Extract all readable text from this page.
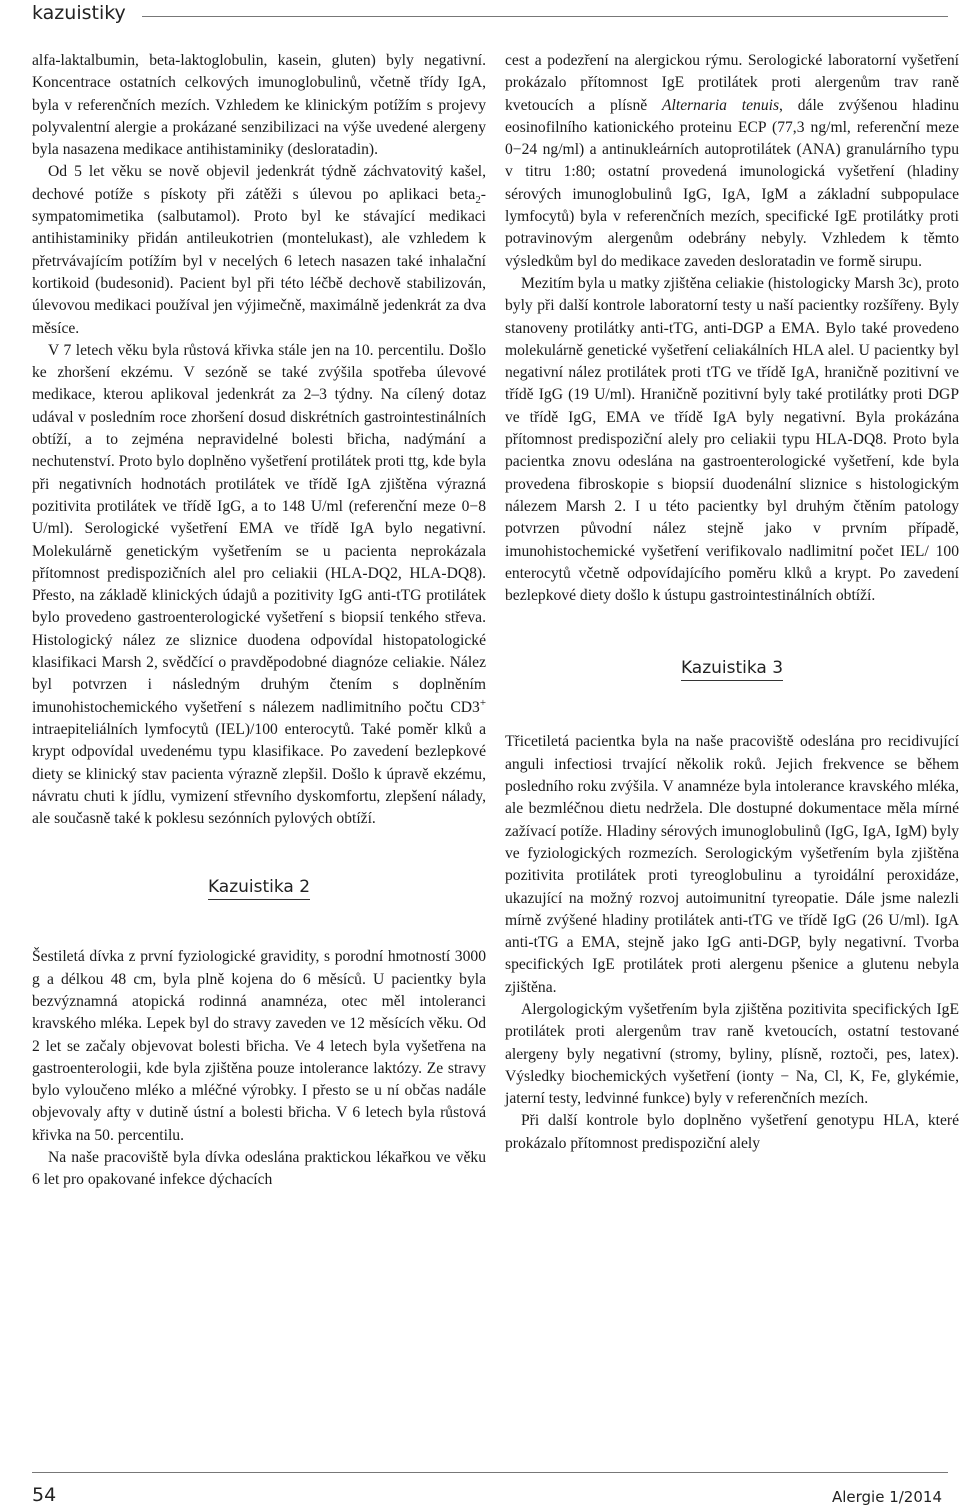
kazuistiky

alfa-laktalbumin, beta-laktoglobulin, kasein, gluten) byly negativní. Koncentrace ostatních celkových imunoglobulinů, včetně třídy IgA, byla v referenčních mezích. Vzhledem ke klinickým potížím s projevy polyvalentní alergie a prokázané senzibilizaci na výše uvedené alergeny byla nasazena medikace antihistaminiky (desloratadin).

Od 5 let věku se nově objevil jedenkrát týdně záchvatovitý kašel, dechové potíže s pískoty při zátěži s úlevou po aplikaci beta$_2$-sympatomimetika (salbutamol). Proto byl ke stávající medikaci antihistaminiky přidán antileukotrien (montelukast), ale vzhledem k přetrvávajícím potížím byl v necelých 6 letech nasazen také inhalační kortikoid (budesonid). Pacient byl při této léčbě dechově stabilizován, úlevovou medikaci používal jen výjimečně, maximálně jedenkrát za dva měsíce.

V 7 letech věku byla růstová křivka stále jen na 10. percentilu. Došlo ke zhoršení ekzému. V sezóně se také zvýšila spotřeba úlevové medikace, kterou aplikoval jedenkrát za 2–3 týdny. Na cílený dotaz udával v posledním roce zhoršení dosud diskrétních gastrointestinálních obtíží, a to zejména nepravidelné bolesti břicha, nadýmání a nechutenství. Proto bylo doplněno vyšetření protilátek proti ttg, kde byla při negativních hodnotách protilátek ve třídě IgA zjištěna výrazná pozitivita protilátek ve třídě IgG, a to 148 U/ml (referenční meze 0−8 U/ml). Serologické vyšetření EMA ve třídě IgA bylo negativní. Molekulárně genetickým vyšetřením se u pacienta neprokázala přítomnost predispozičních alel pro celiakii (HLA-DQ2, HLA-DQ8). Přesto, na základě klinických údajů a pozitivity IgG anti-tTG protilátek bylo provedeno gastroenterologické vyšetření s biopsií tenkého střeva. Histologický nález ze sliznice duodena odpovídal histopatologické klasifikaci Marsh 2, svědčící o pravděpodobné diagnóze celiakie. Nález byl potvrzen i následným druhým čtením s doplněním imunohistochemického vyšetření s nálezem nadlimitního počtu CD3+ intraepiteliálních lymfocytů (IEL)/100 enterocytů. Také poměr klků a krypt odpovídal uvedenému typu klasifikace. Po zavedení bezlepkové diety se klinický stav pacienta výrazně zlepšil. Došlo k úpravě ekzému, návratu chuti k jídlu, vymizení střevního dyskomfortu, zlepšení nálady, ale současně také k poklesu sezónních pylových obtíží.

Kazuistika 2

Šestiletá dívka z první fyziologické gravidity, s porodní hmotností 3000 g a délkou 48 cm, byla plně kojena do 6 měsíců. U pacientky byla bezvýznamná atopická rodinná anamnéza, otec měl intoleranci kravského mléka. Lepek byl do stravy zaveden ve 12 měsících věku. Od 2 let se začaly objevovat bolesti břicha. Ve 4 letech byla vyšetřena na gastroenterologii, kde byla zjištěna pouze intolerance laktózy. Ze stravy bylo vyloučeno mléko a mléčné výrobky. I přesto se u ní občas nadále objevovaly afty v dutině ústní a bolesti břicha. V 6 letech byla růstová křivka na 50. percentilu.

Na naše pracoviště byla dívka odeslána praktickou lékařkou ve věku 6 let pro opakované infekce dýchacích

cest a podezření na alergickou rýmu. Serologické laboratorní vyšetření prokázalo přítomnost IgE protilátek proti alergenům trav raně kvetoucích a plísně Alternaria tenuis, dále zvýšenou hladinu eosinofilního kationického proteinu ECP (77,3 ng/ml, referenční meze 0−24 ng/ml) a antinukleárních autoprotilátek (ANA) granulárního typu v titru 1:80; ostatní provedená imunologická vyšetření (hladiny sérových imunoglobulinů IgG, IgA, IgM a základní subpopulace lymfocytů) byla v referenčních mezích, specifické IgE protilátky proti potravinovým alergenům odebrány nebyly. Vzhledem k těmto výsledkům byl do medikace zaveden desloratadin ve formě sirupu.

Mezitím byla u matky zjištěna celiakie (histologicky Marsh 3c), proto byly při další kontrole laboratorní testy u naší pacientky rozšířeny. Byly stanoveny protilátky anti-tTG, anti-DGP a EMA. Bylo také provedeno molekulárně genetické vyšetření celiakálních HLA alel. U pacientky byl negativní nález protilátek proti tTG ve třídě IgA, hraničně pozitivní ve třídě IgG (19 U/ml). Hraničně pozitivní byly také protilátky proti DGP ve třídě IgG, EMA ve třídě IgA byly negativní. Byla prokázána přítomnost predispoziční alely pro celiakii typu HLA-DQ8. Proto byla pacientka znovu odeslána na gastroenterologické vyšetření, kde byla provedena fibroskopie s biopsií duodenální sliznice s histologickým nálezem Marsh 2. I u této pacientky byl druhým čtěním patology potvrzen původní nález stejně jako v prvním případě, imunohistochemické vyšetření verifikovalo nadlimitní počet IEL/ 100 enterocytů včetně odpovídajícího poměru klků a krypt. Po zavedení bezlepkové diety došlo k ústupu gastrointestinálních obtíží.

Kazuistika 3

Třicetiletá pacientka byla na naše pracoviště odeslána pro recidivující anguli infectiosi trvající několik roků. Jejich frekvence se během posledního roku zvýšila. V anamnéze byla intolerance kravského mléka, ale bezmléčnou dietu nedržela. Dle dostupné dokumentace měla mírné zažívací potíže. Hladiny sérových imunoglobulinů (IgG, IgA, IgM) byly ve fyziologických rozmezích. Serologickým vyšetřením byla zjištěna pozitivita protilátek proti tyreoglobulinu a tyroidální peroxidáze, ukazující na možný rozvoj autoimunitní tyreopatie. Dále jsme nalezli mírně zvýšené hladiny protilátek anti-tTG ve třídě IgG (26 U/ml). IgA anti-tTG a EMA, stejně jako IgG anti-DGP, byly negativní. Tvorba specifických IgE protilátek proti alergenu pšenice a glutenu nebyla zjištěna.

Alergologickým vyšetřením byla zjištěna pozitivita specifických IgE protilátek proti alergenům trav raně kvetoucích, ostatní testované alergeny byly negativní (stromy, byliny, plísně, roztoči, pes, latex). Výsledky biochemických vyšetření (ionty − Na, Cl, K, Fe, glykémie, jaterní testy, ledvinné funkce) byly v referenčních mezích.

Při další kontrole bylo doplněno vyšetření genotypu HLA, které prokázalo přítomnost predispoziční alely

54	Alergie 1/2014
